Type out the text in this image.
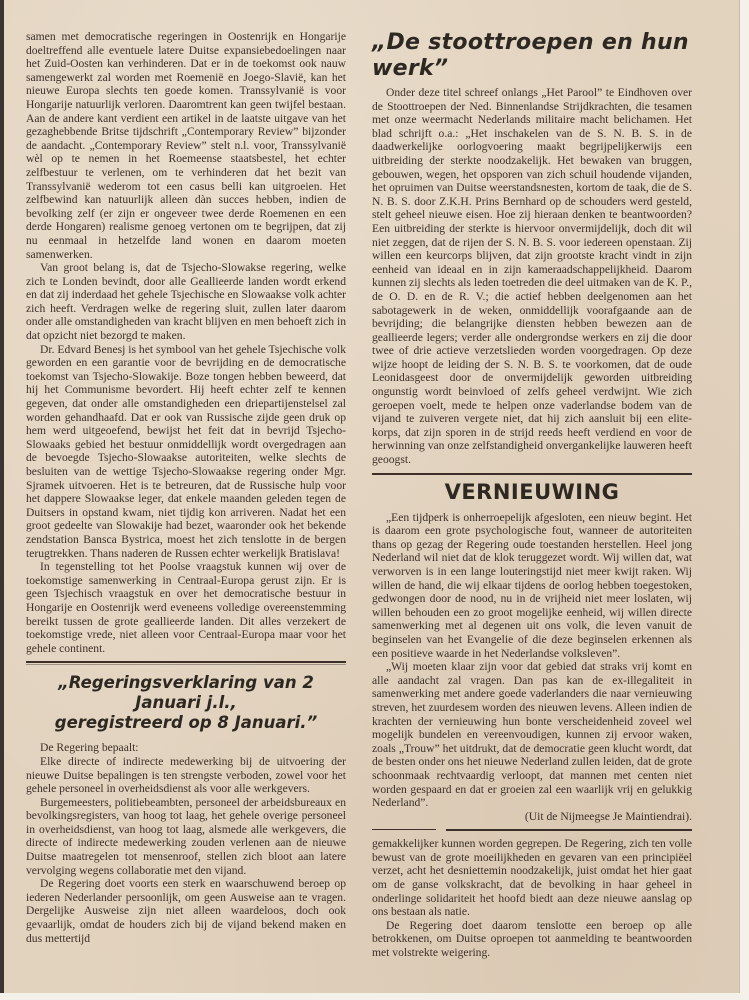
samen met democratische regeringen in Oostenrijk en Hongarije doeltreffend alle eventuele latere Duitse expansiebedoelingen naar het Zuid-Oosten kan verhinderen. Dat er in de toekomst ook nauw samengewerkt zal worden met Roemenië en Joego-Slavië, kan het nieuwe Europa slechts ten goede komen. Transsylvanië is voor Hongarije natuurlijk verloren. Daaromtrent kan geen twijfel bestaan. Aan de andere kant verdient een artikel in de laatste uitgave van het gezaghebbende Britse tijdschrift „Contemporary Review” bijzonder de aandacht. „Contemporary Review” stelt n.l. voor, Transsylvanië wèl op te nemen in het Roemeense staatsbestel, het echter zelfbestuur te verlenen, om te verhinderen dat het bezit van Transsylvanië wederom tot een casus belli kan uitgroeien. Het zelfbewind kan natuurlijk alleen dàn succes hebben, indien de bevolking zelf (er zijn er ongeveer twee derde Roemenen en een derde Hongaren) realisme genoeg vertonen om te begrijpen, dat zij nu eenmaal in hetzelfde land wonen en daarom moeten samenwerken.

Van groot belang is, dat de Tsjecho-Slowakse regering, welke zich te Londen bevindt, door alle Geallieerde landen wordt erkend en dat zij inderdaad het gehele Tsjechische en Slowaakse volk achter zich heeft. Verdragen welke de regering sluit, zullen later daarom onder alle omstandigheden van kracht blijven en men behoeft zich in dat opzicht niet bezorgd te maken.

Dr. Edvard Benesj is het symbool van het gehele Tsjechische volk geworden en een garantie voor de bevrijding en de democratische toekomst van Tsjecho-Slowakije. Boze tongen hebben beweerd, dat hij het Communisme bevordert. Hij heeft echter zelf te kennen gegeven, dat onder alle omstandigheden een driepartijenstelsel zal worden gehandhaafd. Dat er ook van Russische zijde geen druk op hem werd uitgeoefend, bewijst het feit dat in bevrijd Tsjecho-Slowaaks gebied het bestuur onmiddellijk wordt overgedragen aan de bevoegde Tsjecho-Slowaakse autoriteiten, welke slechts de besluiten van de wettige Tsjecho-Slowaakse regering onder Mgr. Sjramek uitvoeren. Het is te betreuren, dat de Russische hulp voor het dappere Slowaakse leger, dat enkele maanden geleden tegen de Duitsers in opstand kwam, niet tijdig kon arriveren. Nadat het een groot gedeelte van Slowakije had bezet, waaronder ook het bekende zendstation Bansca Bystrica, moest het zich tenslotte in de bergen terugtrekken. Thans naderen de Russen echter werkelijk Bratislava!

In tegenstelling tot het Poolse vraagstuk kunnen wij over de toekomstige samenwerking in Centraal-Europa gerust zijn. Er is geen Tsjechisch vraagstuk en over het democratische bestuur in Hongarije en Oostenrijk werd eveneens volledige overeenstemming bereikt tussen de grote geallieerde landen. Dit alles verzekert de toekomstige vrede, niet alleen voor Centraal-Europa maar voor het gehele continent.

„Regeringsverklaring van 2 Januari j.l.,
geregistreerd op 8 Januari.”

De Regering bepaalt:

Elke directe of indirecte medewerking bij de uitvoering der nieuwe Duitse bepalingen is ten strengste verboden, zowel voor het gehele personeel in overheidsdienst als voor alle werkgevers.

Burgemeesters, politiebeambten, personeel der arbeidsbureaux en bevolkingsregisters, van hoog tot laag, het gehele overige personeel in overheidsdienst, van hoog tot laag, alsmede alle werkgevers, die directe of indirecte medewerking zouden verlenen aan de nieuwe Duitse maatregelen tot mensenroof, stellen zich bloot aan latere vervolging wegens collaboratie met den vijand.

De Regering doet voorts een sterk en waarschuwend beroep op iederen Nederlander persoonlijk, om geen Ausweise aan te vragen. Dergelijke Ausweise zijn niet alleen waardeloos, doch ook gevaarlijk, omdat de houders zich bij de vijand bekend maken en dus mettertijd

„De stoottroepen en hun werk”

Onder deze titel schreef onlangs „Het Parool” te Eindhoven over de Stoottroepen der Ned. Binnenlandse Strijdkrachten, die tesamen met onze weermacht Nederlands militaire macht belichamen. Het blad schrijft o.a.: „Het inschakelen van de S. N. B. S. in de daadwerkelijke oorlogvoering maakt begrijpelijkerwijs een uitbreiding der sterkte noodzakelijk. Het bewaken van bruggen, gebouwen, wegen, het opsporen van zich schuil houdende vijanden, het opruimen van Duitse weerstandsnesten, kortom de taak, die de S. N. B. S. door Z.K.H. Prins Bernhard op de schouders werd gesteld, stelt geheel nieuwe eisen. Hoe zij hieraan denken te beantwoorden? Een uitbreiding der sterkte is hiervoor onvermijdelijk, doch dit wil niet zeggen, dat de rijen der S. N. B. S. voor iedereen openstaan. Zij willen een keurcorps blijven, dat zijn grootste kracht vindt in zijn eenheid van ideaal en in zijn kameraadschappelijkheid. Daarom kunnen zij slechts als leden toetreden die deel uitmaken van de K. P., de O. D. en de R. V.; die actief hebben deelgenomen aan het sabotagewerk in de weken, onmiddellijk voorafgaande aan de bevrijding; die belangrijke diensten hebben bewezen aan de geallieerde legers; verder alle ondergrondse werkers en zij die door twee of drie actieve verzetslieden worden voorgedragen. Op deze wijze hoopt de leiding der S. N. B. S. te voorkomen, dat de oude Leonidasgeest door de onvermijdelijk geworden uitbreiding ongunstig wordt beinvloed of zelfs geheel verdwijnt. Wie zich geroepen voelt, mede te helpen onze vaderlandse bodem van de vijand te zuiveren vergete niet, dat hij zich aansluit bij een elite-korps, dat zijn sporen in de strijd reeds heeft verdiend en voor de herwinning van onze zelfstandigheid onvergankelijke lauweren heeft geoogst.

VERNIEUWING

„Een tijdperk is onherroepelijk afgesloten, een nieuw begint. Het is daarom een grote psychologische fout, wanneer de autoriteiten thans op gezag der Regering oude toestanden herstellen. Heel jong Nederland wil niet dat de klok teruggezet wordt. Wij willen dat, wat verworven is in een lange louteringstijd niet meer kwijt raken. Wij willen de hand, die wij elkaar tijdens de oorlog hebben toegestoken, gedwongen door de nood, nu in de vrijheid niet meer loslaten, wij willen behouden een zo groot mogelijke eenheid, wij willen directe samenwerking met al degenen uit ons volk, die leven vanuit de beginselen van het Evangelie of die deze beginselen erkennen als een positieve waarde in het Nederlandse volksleven”.

„Wij moeten klaar zijn voor dat gebied dat straks vrij komt en alle aandacht zal vragen. Dan pas kan de ex-illegaliteit in samenwerking met andere goede vaderlanders die naar vernieuwing streven, het zuurdesem worden des nieuwen levens. Alleen indien de krachten der vernieuwing hun bonte verscheidenheid zoveel wel mogelijk bundelen en vereenvoudigen, kunnen zij ervoor waken, zoals „Trouw” het uitdrukt, dat de democratie geen klucht wordt, dat de besten onder ons het nieuwe Nederland zullen leiden, dat de grote schoonmaak rechtvaardig verloopt, dat mannen met centen niet worden gespaard en dat er groeien zal een waarlijk vrij en gelukkig Nederland”.

(Uit de Nijmeegse Je Maintiendrai).

gemakkelijker kunnen worden gegrepen. De Regering, zich ten volle bewust van de grote moeilijkheden en gevaren van een principiëel verzet, acht het desniettemin noodzakelijk, juist omdat het hier gaat om de ganse volkskracht, dat de bevolking in haar geheel in onderlinge solidariteit het hoofd biedt aan deze nieuwe aanslag op ons bestaan als natie.

De Regering doet daarom tenslotte een beroep op alle betrokkenen, om Duitse oproepen tot aanmelding te beantwoorden met volstrekte weigering.
